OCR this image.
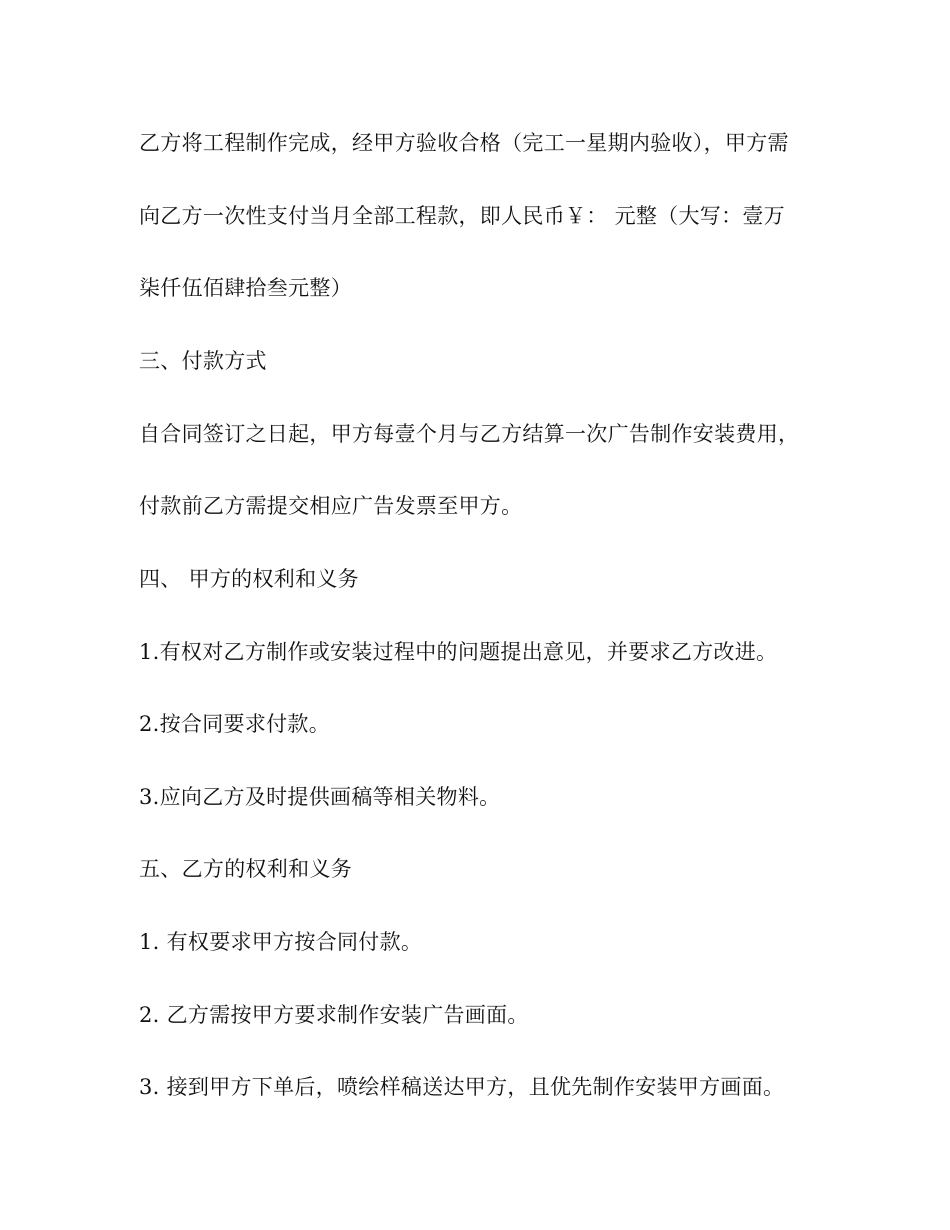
乙方将工程制作完成，经甲方验收合格（完工一星期内验收），甲方需
向乙方一次性支付当月全部工程款，即人民币￥： 元整（大写：壹万
柒仟伍佰肆拾叁元整）
三、付款方式
自合同签订之日起，甲方每壹个月与乙方结算一次广告制作安装费用，
付款前乙方需提交相应广告发票至甲方。
四、 甲方的权利和义务
1.有权对乙方制作或安装过程中的问题提出意见，并要求乙方改进。
2.按合同要求付款。
3.应向乙方及时提供画稿等相关物料。
五、乙方的权利和义务
1. 有权要求甲方按合同付款。
2. 乙方需按甲方要求制作安装广告画面。
3. 接到甲方下单后，喷绘样稿送达甲方，且优先制作安装甲方画面。
